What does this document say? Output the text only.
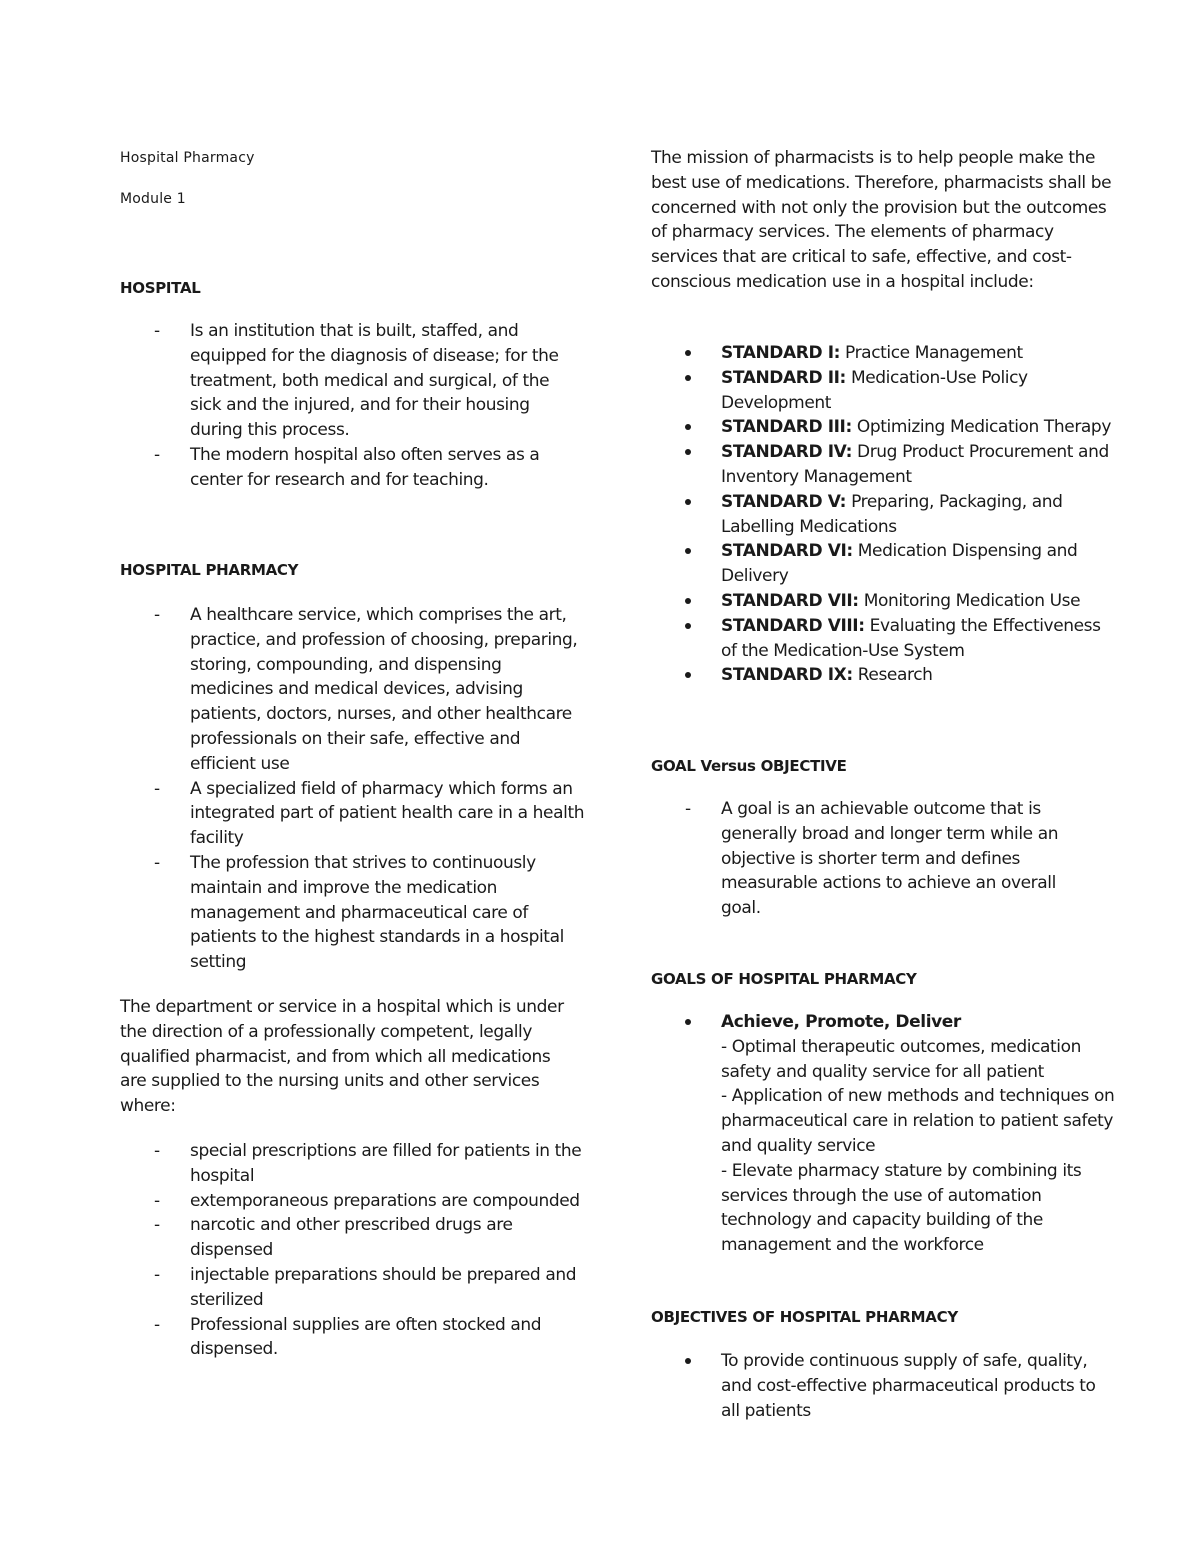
Hospital Pharmacy
Module 1
HOSPITAL
- Is an institution that is built, staffed, and equipped for the diagnosis of disease; for the treatment, both medical and surgical, of the sick and the injured, and for their housing during this process.
- The modern hospital also often serves as a center for research and for teaching.
HOSPITAL PHARMACY
- A healthcare service, which comprises the art, practice, and profession of choosing, preparing, storing, compounding, and dispensing medicines and medical devices, advising patients, doctors, nurses, and other healthcare professionals on their safe, effective and efficient use
- A specialized field of pharmacy which forms an integrated part of patient health care in a health facility
- The profession that strives to continuously maintain and improve the medication management and pharmaceutical care of patients to the highest standards in a hospital setting
The department or service in a hospital which is under the direction of a professionally competent, legally qualified pharmacist, and from which all medications are supplied to the nursing units and other services where:
- special prescriptions are filled for patients in the hospital
- extemporaneous preparations are compounded
- narcotic and other prescribed drugs are dispensed
- injectable preparations should be prepared and sterilized
- Professional supplies are often stocked and dispensed.
The mission of pharmacists is to help people make the best use of medications. Therefore, pharmacists shall be concerned with not only the provision but the outcomes of pharmacy services. The elements of pharmacy services that are critical to safe, effective, and cost-conscious medication use in a hospital include:
STANDARD I: Practice Management
STANDARD II: Medication-Use Policy Development
STANDARD III: Optimizing Medication Therapy
STANDARD IV: Drug Product Procurement and Inventory Management
STANDARD V: Preparing, Packaging, and Labelling Medications
STANDARD VI: Medication Dispensing and Delivery
STANDARD VII: Monitoring Medication Use
STANDARD VIII: Evaluating the Effectiveness of the Medication-Use System
STANDARD IX: Research
GOAL Versus OBJECTIVE
- A goal is an achievable outcome that is generally broad and longer term while an objective is shorter term and defines measurable actions to achieve an overall goal.
GOALS OF HOSPITAL PHARMACY
Achieve, Promote, Deliver
- Optimal therapeutic outcomes, medication safety and quality service for all patient
- Application of new methods and techniques on pharmaceutical care in relation to patient safety and quality service
- Elevate pharmacy stature by combining its services through the use of automation technology and capacity building of the management and the workforce
OBJECTIVES OF HOSPITAL PHARMACY
To provide continuous supply of safe, quality, and cost-effective pharmaceutical products to all patients
